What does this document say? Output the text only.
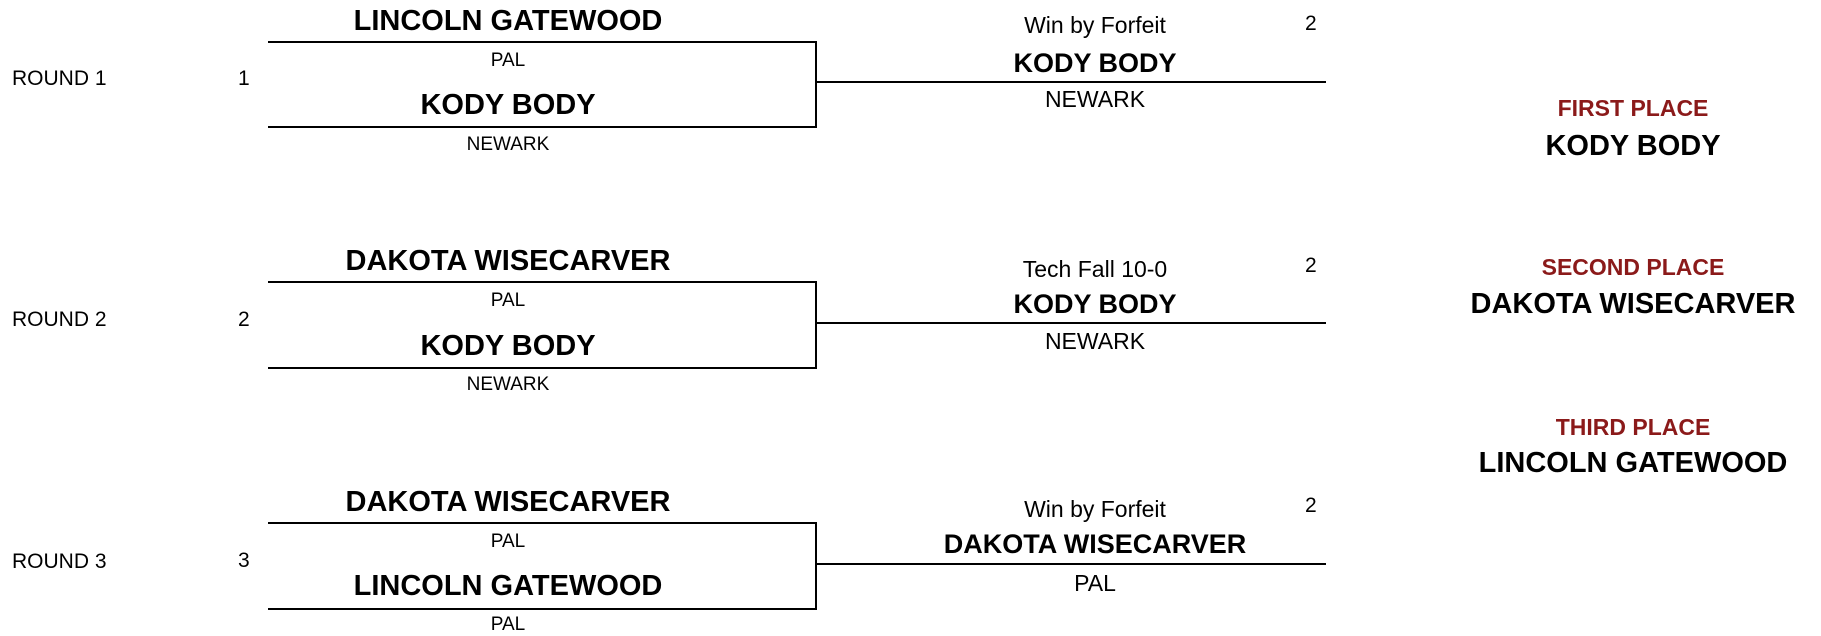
ROUND 1	1
LINCOLN GATEWOOD
PAL
KODY BODY
NEWARK
Win by Forfeit	2
KODY BODY
NEWARK
ROUND 2	2
DAKOTA WISECARVER
PAL
KODY BODY
NEWARK
Tech Fall 10-0	2
KODY BODY
NEWARK
ROUND 3	3
DAKOTA WISECARVER
PAL
LINCOLN GATEWOOD
PAL
Win by Forfeit	2
DAKOTA WISECARVER
PAL
FIRST PLACE
KODY BODY
SECOND PLACE
DAKOTA WISECARVER
THIRD PLACE
LINCOLN GATEWOOD
